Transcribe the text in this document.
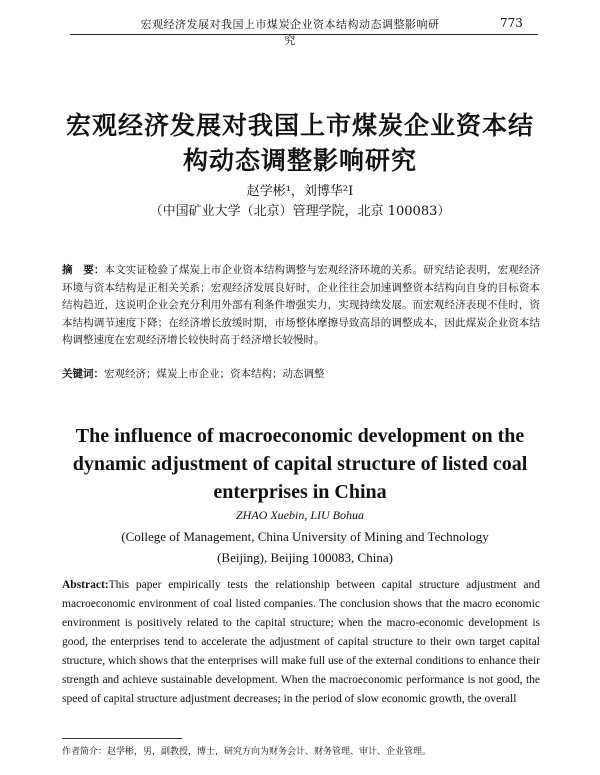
宏观经济发展对我国上市煤炭企业资本结构动态调整影响研究
773
宏观经济发展对我国上市煤炭企业资本结构动态调整影响研究
赵学彬¹，刘博华²Ⅰ
（中国矿业大学（北京）管理学院，北京 100083）
摘　要：本文实证检验了煤炭上市企业资本结构调整与宏观经济环境的关系。研究结论表明，宏观经济环境与资本结构是正相关关系；宏观经济发展良好时，企业往往会加速调整资本结构向自身的目标资本结构趋近，这说明企业会充分利用外部有利条件增强实力，实现持续发展。而宏观经济表现不佳时，资本结构调节速度下降；在经济增长放缓时期，市场整体摩擦导致高昂的调整成本，因此煤炭企业资本结构调整速度在宏观经济增长较快时高于经济增长较慢时。
关键词：宏观经济；煤炭上市企业；资本结构；动态调整
The influence of macroeconomic development on the dynamic adjustment of capital structure of listed coal enterprises in China
ZHAO Xuebin, LIU Bohua
(College of Management, China University of Mining and Technology (Beijing), Beijing 100083, China)
Abstract:This paper empirically tests the relationship between capital structure adjustment and macroeconomic environment of coal listed companies. The conclusion shows that the macro economic environment is positively related to the capital structure; when the macro-economic development is good, the enterprises tend to accelerate the adjustment of capital structure to their own target capital structure, which shows that the enterprises will make full use of the external conditions to enhance their strength and achieve sustainable development. When the macroeconomic performance is not good, the speed of capital structure adjustment decreases; in the period of slow economic growth, the overall
作者简介：赵学彬，男，副教授，博士，研究方向为财务会计、财务管理、审计、企业管理。
